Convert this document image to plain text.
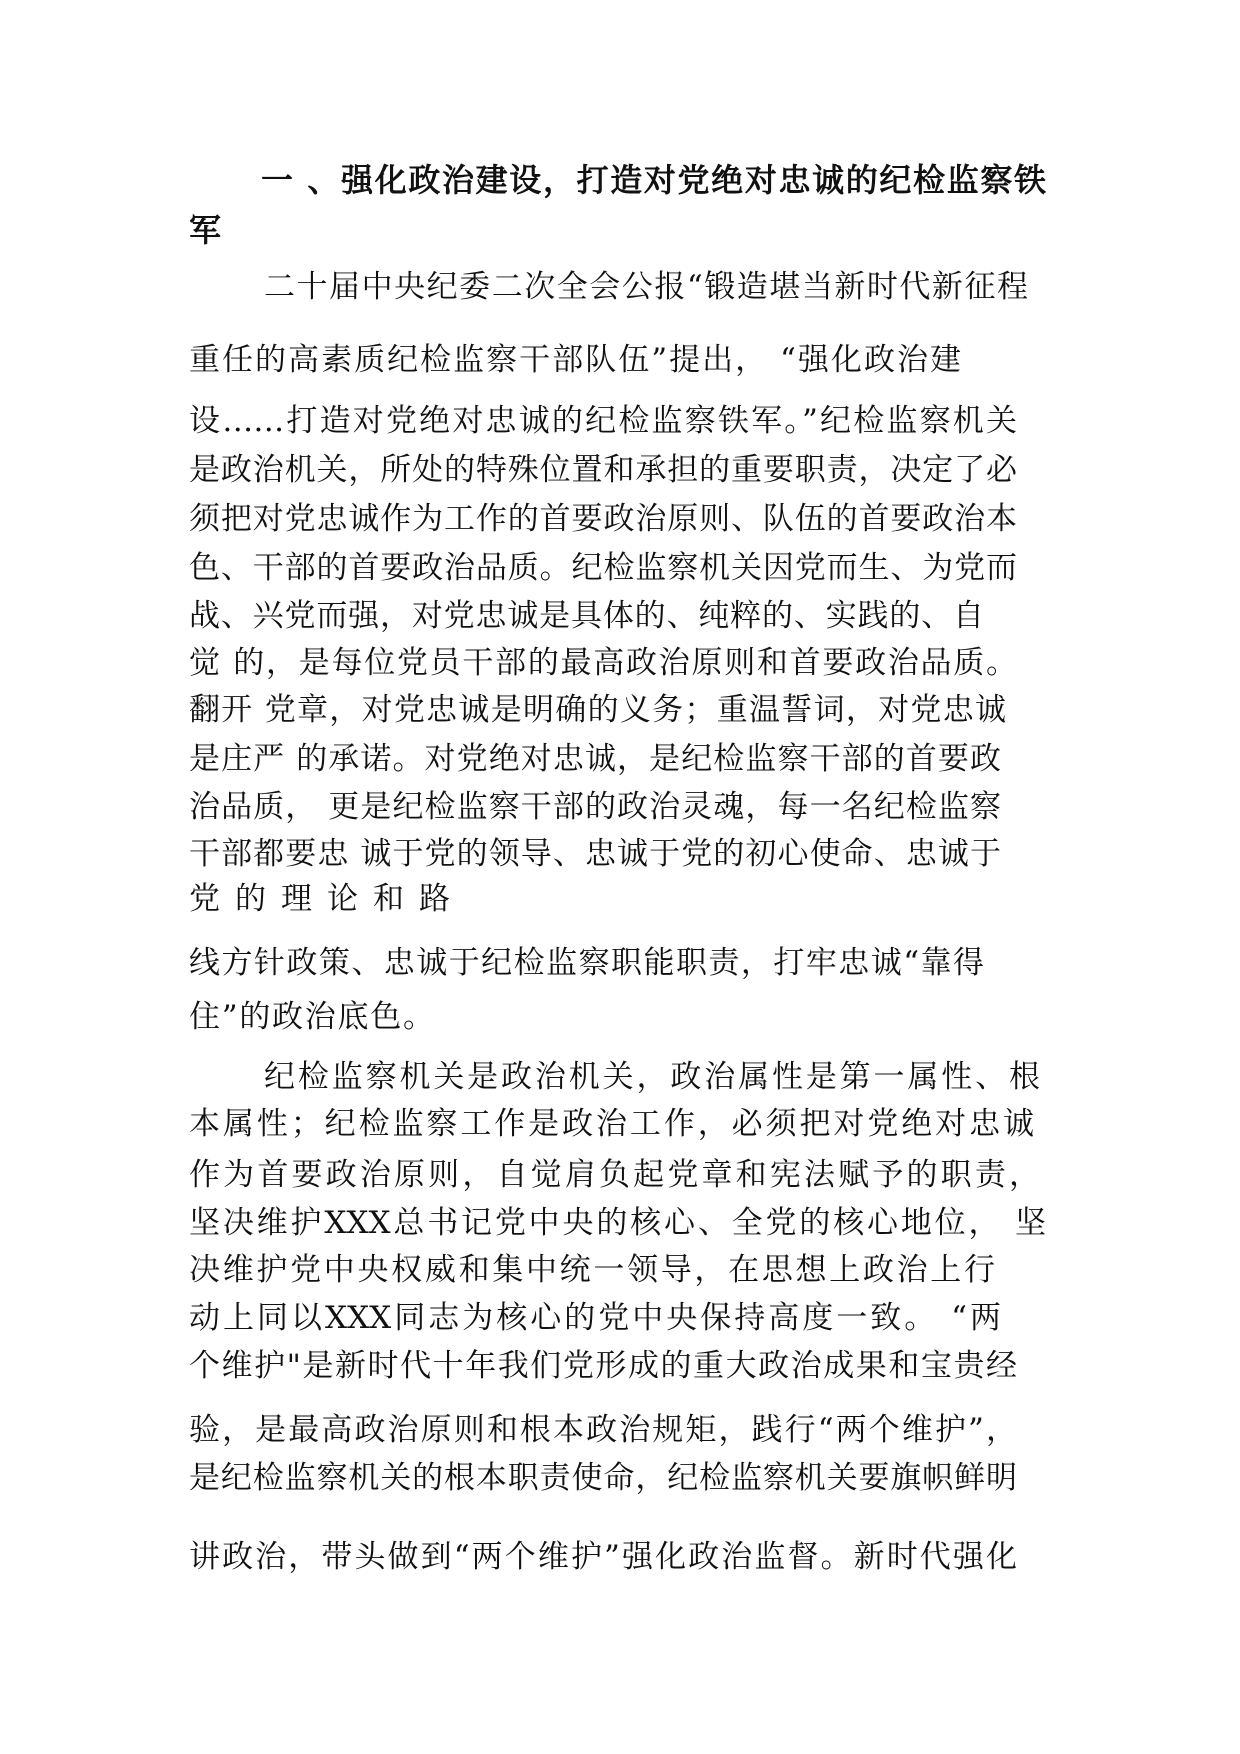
一 、强化政治建设，打造对党绝对忠诚的纪检监察铁
军
二十届中央纪委二次全会公报“锻造堪当新时代新征程
重任的高素质纪检监察干部队伍”提出， “强化政治建
设……打造对党绝对忠诚的纪检监察铁军。”纪检监察机关
是政治机关，所处的特殊位置和承担的重要职责，决定了必
须把对党忠诚作为工作的首要政治原则、队伍的首要政治本
色、干部的首要政治品质。纪检监察机关因党而生、为党而
战、兴党而强，对党忠诚是具体的、纯粹的、实践的、自
觉 的，是每位党员干部的最高政治原则和首要政治品质。
翻开 党章，对党忠诚是明确的义务；重温誓词，对党忠诚
是庄严 的承诺。对党绝对忠诚，是纪检监察干部的首要政
治品质， 更是纪检监察干部的政治灵魂，每一名纪检监察
干部都要忠 诚于党的领导、忠诚于党的初心使命、忠诚于
党的理论和路
线方针政策、忠诚于纪检监察职能职责，打牢忠诚“靠得
住”的政治底色。
纪检监察机关是政治机关，政治属性是第一属性、根
本属性；纪检监察工作是政治工作，必须把对党绝对忠诚
作为首要政治原则，自觉肩负起党章和宪法赋予的职责，
坚决维护XXX总书记党中央的核心、全党的核心地位， 坚
决维护党中央权威和集中统一领导，在思想上政治上行
动上同以XXX同志为核心的党中央保持高度一致。 “两
个维护"是新时代十年我们党形成的重大政治成果和宝贵经
验，是最高政治原则和根本政治规矩，践行“两个维护”，
是纪检监察机关的根本职责使命，纪检监察机关要旗帜鲜明
讲政治，带头做到“两个维护”强化政治监督。新时代强化
